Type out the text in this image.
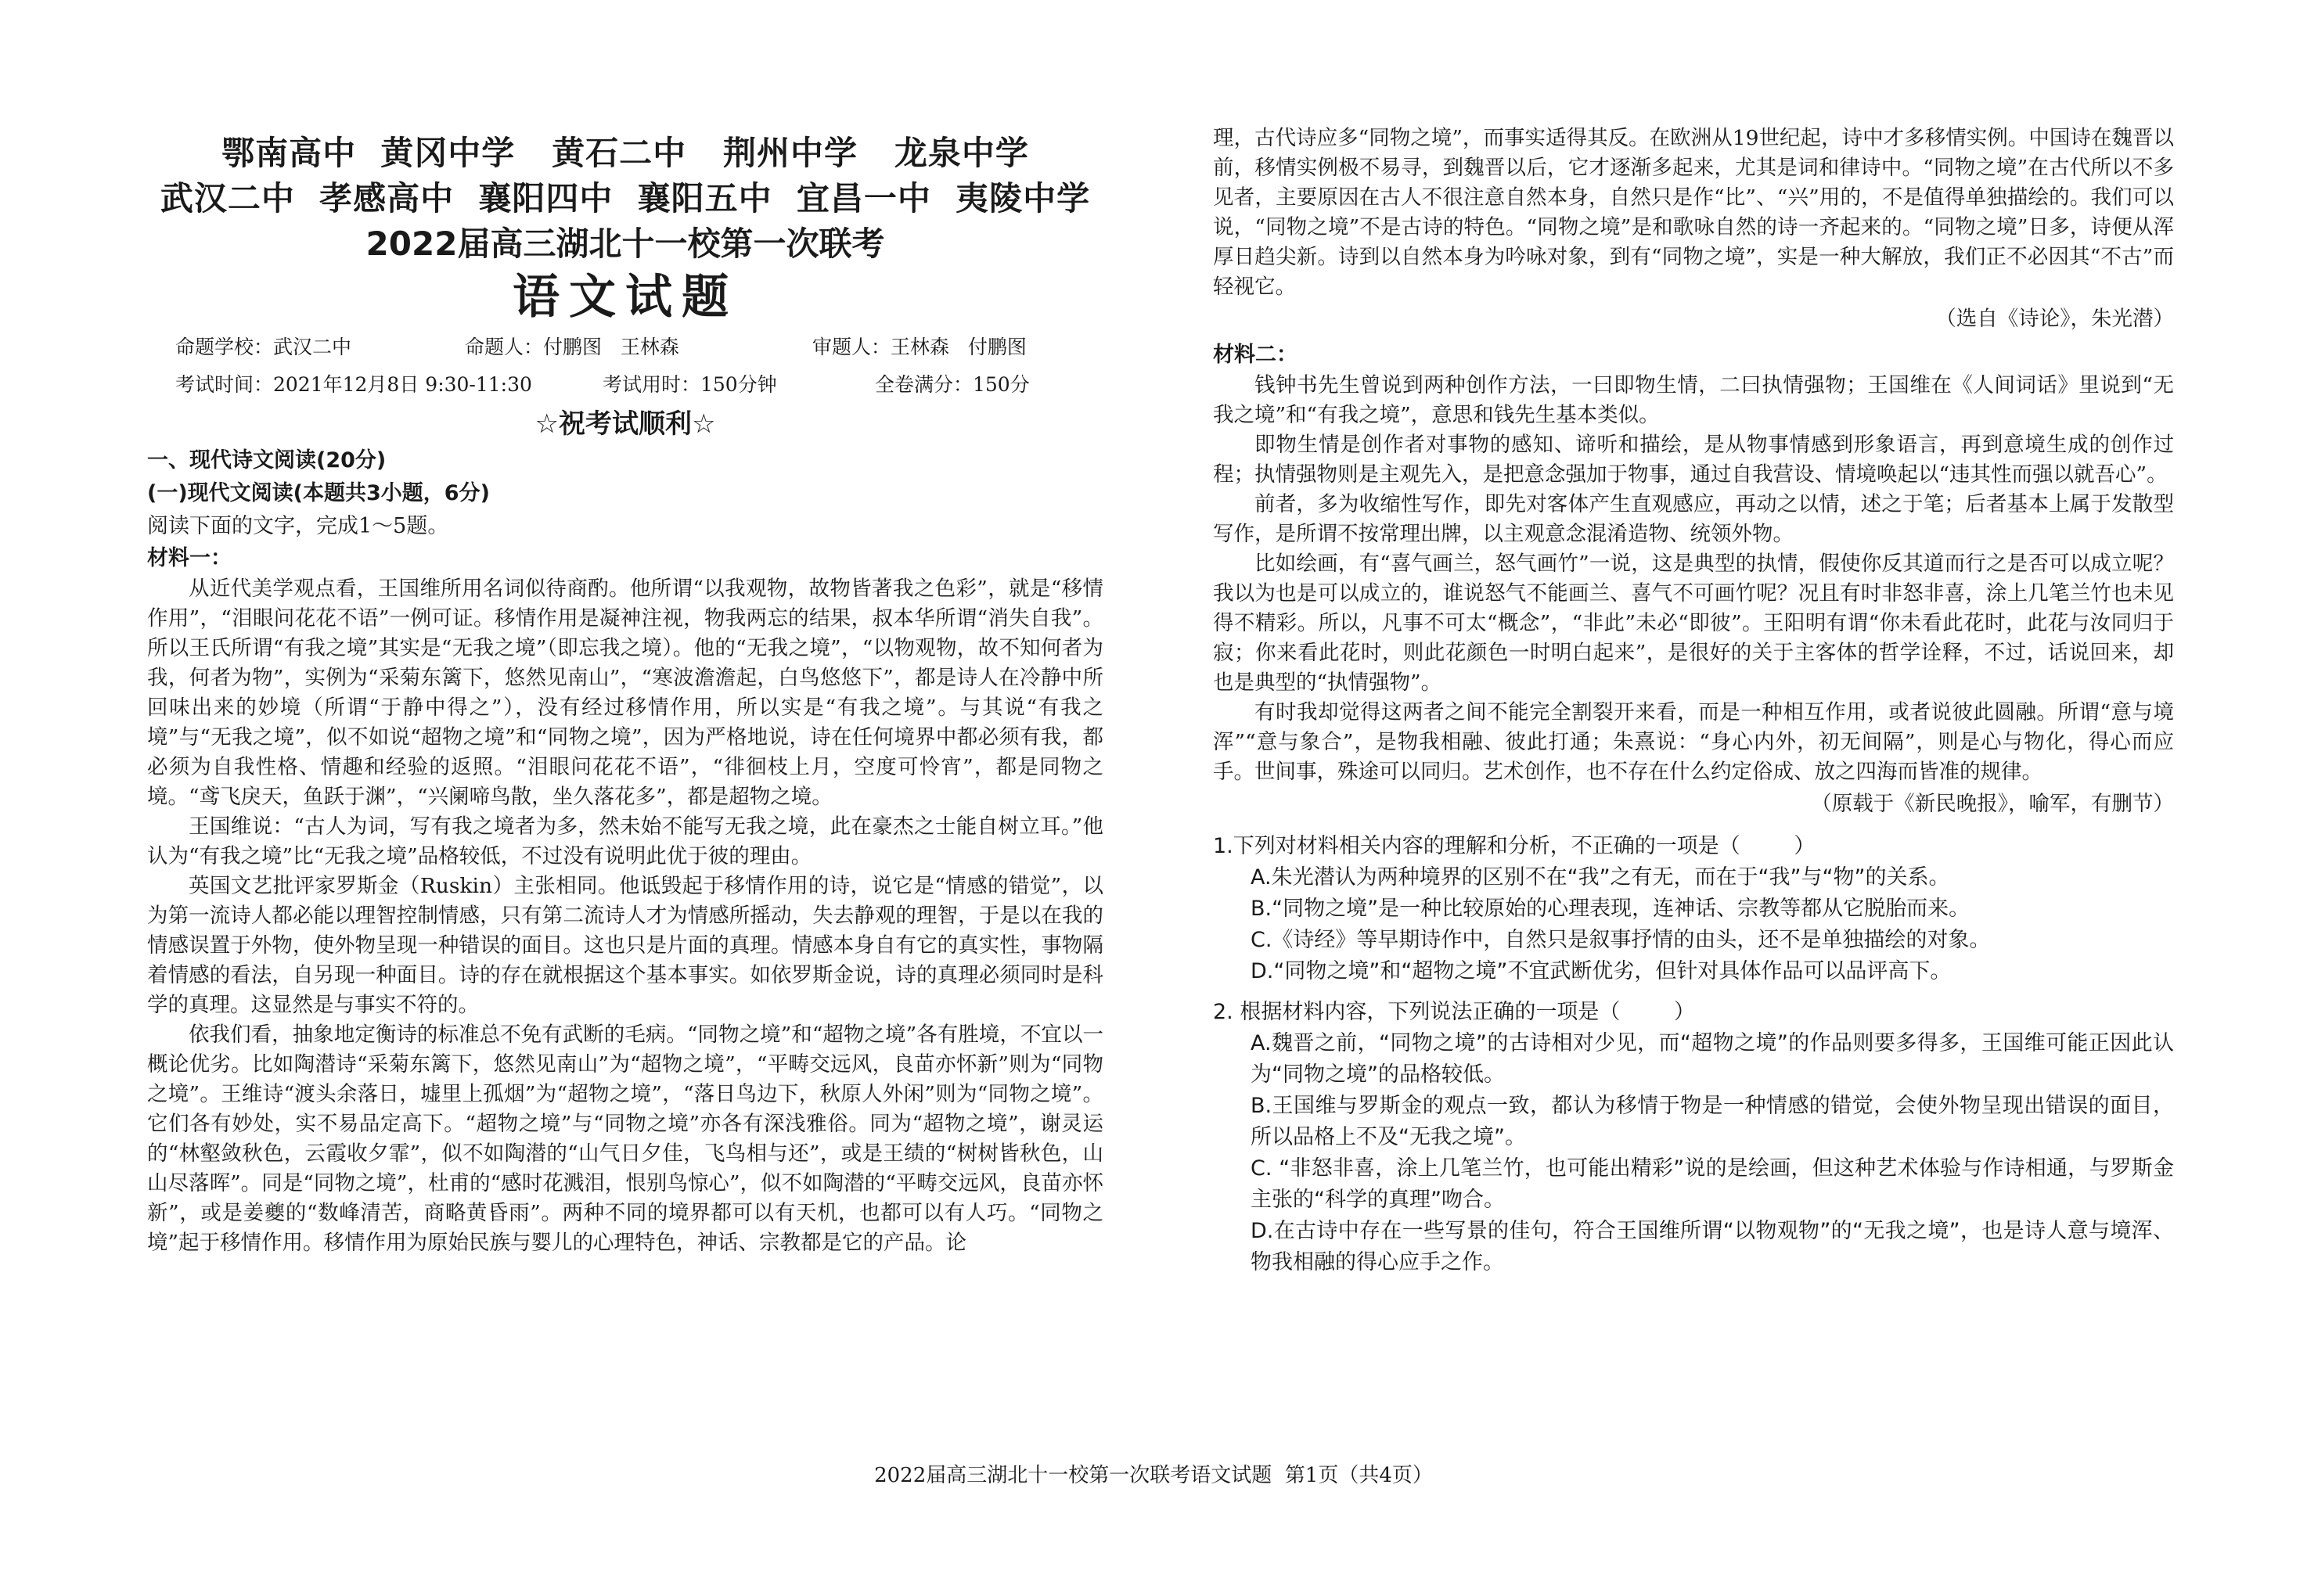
鄂南高中  黄冈中学   黄石二中   荆州中学   龙泉中学
武汉二中  孝感高中  襄阳四中  襄阳五中  宜昌一中  夷陵中学
2022届高三湖北十一校第一次联考
语文试题
命题学校：武汉二中	命题人：付鹏图   王林森	审题人：王林森   付鹏图
考试时间：2021年12月8日 9:30-11:30	考试用时：150分钟	全卷满分：150分
☆祝考试顺利☆
一、现代诗文阅读(20分)
(一)现代文阅读(本题共3小题，6分)
阅读下面的文字，完成1～5题。
材料一：

从近代美学观点看，王国维所用名词似待商酌。他所谓“以我观物，故物皆著我之色彩”，就是“移情作用”，“泪眼问花花不语”一例可证。移情作用是凝神注视，物我两忘的结果，叔本华所谓“消失自我”。所以王氏所谓“有我之境”其实是“无我之境”（即忘我之境）。他的“无我之境”，“以物观物，故不知何者为我，何者为物”，实例为“采菊东篱下，悠然见南山”，“寒波澹澹起，白鸟悠悠下”，都是诗人在冷静中所回味出来的妙境（所谓“于静中得之”），没有经过移情作用，所以实是“有我之境”。与其说“有我之境”与“无我之境”，似不如说“超物之境”和“同物之境”，因为严格地说，诗在任何境界中都必须有我，都必须为自我性格、情趣和经验的返照。“泪眼问花花不语”，“徘徊枝上月，空度可怜宵”，都是同物之境。“鸢飞戾天，鱼跃于渊”，“兴阑啼鸟散，坐久落花多”，都是超物之境。

王国维说：“古人为词，写有我之境者为多，然未始不能写无我之境，此在豪杰之士能自树立耳。”他认为“有我之境”比“无我之境”品格较低，不过没有说明此优于彼的理由。

英国文艺批评家罗斯金（Ruskin）主张相同。他诋毁起于移情作用的诗，说它是“情感的错觉”，以为第一流诗人都必能以理智控制情感，只有第二流诗人才为情感所摇动，失去静观的理智，于是以在我的情感误置于外物，使外物呈现一种错误的面目。这也只是片面的真理。情感本身自有它的真实性，事物隔着情感的看法，自另现一种面目。诗的存在就根据这个基本事实。如依罗斯金说，诗的真理必须同时是科学的真理。这显然是与事实不符的。

依我们看，抽象地定衡诗的标准总不免有武断的毛病。“同物之境”和“超物之境”各有胜境，不宜以一概论优劣。比如陶潜诗“采菊东篱下，悠然见南山”为“超物之境”，“平畴交远风，良苗亦怀新”则为“同物之境”。王维诗“渡头余落日，墟里上孤烟”为“超物之境”，“落日鸟边下，秋原人外闲”则为“同物之境”。它们各有妙处，实不易品定高下。“超物之境”与“同物之境”亦各有深浅雅俗。同为“超物之境”，谢灵运的“林壑敛秋色，云霞收夕霏”，似不如陶潜的“山气日夕佳，飞鸟相与还”，或是王绩的“树树皆秋色，山山尽落晖”。同是“同物之境”，杜甫的“感时花溅泪，恨别鸟惊心”，似不如陶潜的“平畴交远风，良苗亦怀新”，或是姜夔的“数峰清苦，商略黄昏雨”。两种不同的境界都可以有天机，也都可以有人巧。“同物之境”起于移情作用。移情作用为原始民族与婴儿的心理特色，神话、宗教都是它的产品。论

理，古代诗应多“同物之境”，而事实适得其反。在欧洲从19世纪起，诗中才多移情实例。中国诗在魏晋以前，移情实例极不易寻，到魏晋以后，它才逐渐多起来，尤其是词和律诗中。“同物之境”在古代所以不多见者，主要原因在古人不很注意自然本身，自然只是作“比”、“兴”用的，不是值得单独描绘的。我们可以说，“同物之境”不是古诗的特色。“同物之境”是和歌咏自然的诗一齐起来的。“同物之境”日多，诗便从浑厚日趋尖新。诗到以自然本身为吟咏对象，到有“同物之境”，实是一种大解放，我们正不必因其“不古”而轻视它。

（选自《诗论》，朱光潜）
材料二：

钱钟书先生曾说到两种创作方法，一曰即物生情，二曰执情强物；王国维在《人间词话》里说到“无我之境”和“有我之境”，意思和钱先生基本类似。

即物生情是创作者对事物的感知、谛听和描绘，是从物事情感到形象语言，再到意境生成的创作过程；执情强物则是主观先入，是把意念强加于物事，通过自我营设、情境唤起以“违其性而强以就吾心”。

前者，多为收缩性写作，即先对客体产生直观感应，再动之以情，述之于笔；后者基本上属于发散型写作，是所谓不按常理出牌，以主观意念混淆造物、统领外物。

比如绘画，有“喜气画兰，怒气画竹”一说，这是典型的执情，假使你反其道而行之是否可以成立呢？我以为也是可以成立的，谁说怒气不能画兰、喜气不可画竹呢？况且有时非怒非喜，涂上几笔兰竹也未见得不精彩。所以，凡事不可太“概念”，“非此”未必“即彼”。王阳明有谓“你未看此花时，此花与汝同归于寂；你来看此花时，则此花颜色一时明白起来”，是很好的关于主客体的哲学诠释，不过，话说回来，却也是典型的“执情强物”。

有时我却觉得这两者之间不能完全割裂开来看，而是一种相互作用，或者说彼此圆融。所谓“意与境浑”“意与象合”，是物我相融、彼此打通；朱熹说：“身心内外，初无间隔”，则是心与物化，得心而应手。世间事，殊途可以同归。艺术创作，也不存在什么约定俗成、放之四海而皆准的规律。

（原载于《新民晚报》，喻军，有删节）
1.下列对材料相关内容的理解和分析，不正确的一项是（        ）
A.朱光潜认为两种境界的区别不在“我”之有无，而在于“我”与“物”的关系。
B.“同物之境”是一种比较原始的心理表现，连神话、宗教等都从它脱胎而来。
C.《诗经》等早期诗作中，自然只是叙事抒情的由头，还不是单独描绘的对象。
D.“同物之境”和“超物之境”不宜武断优劣，但针对具体作品可以品评高下。
2. 根据材料内容，下列说法正确的一项是（        ）
A.魏晋之前，“同物之境”的古诗相对少见，而“超物之境”的作品则要多得多，王国维可能正因此认为“同物之境”的品格较低。
B.王国维与罗斯金的观点一致，都认为移情于物是一种情感的错觉，会使外物呈现出错误的面目，所以品格上不及“无我之境”。
C. “非怒非喜，涂上几笔兰竹，也可能出精彩”说的是绘画，但这种艺术体验与作诗相通，与罗斯金主张的“科学的真理”吻合。
D.在古诗中存在一些写景的佳句，符合王国维所谓“以物观物”的“无我之境”，也是诗人意与境浑、物我相融的得心应手之作。
2022届高三湖北十一校第一次联考语文试题  第1页（共4页）
